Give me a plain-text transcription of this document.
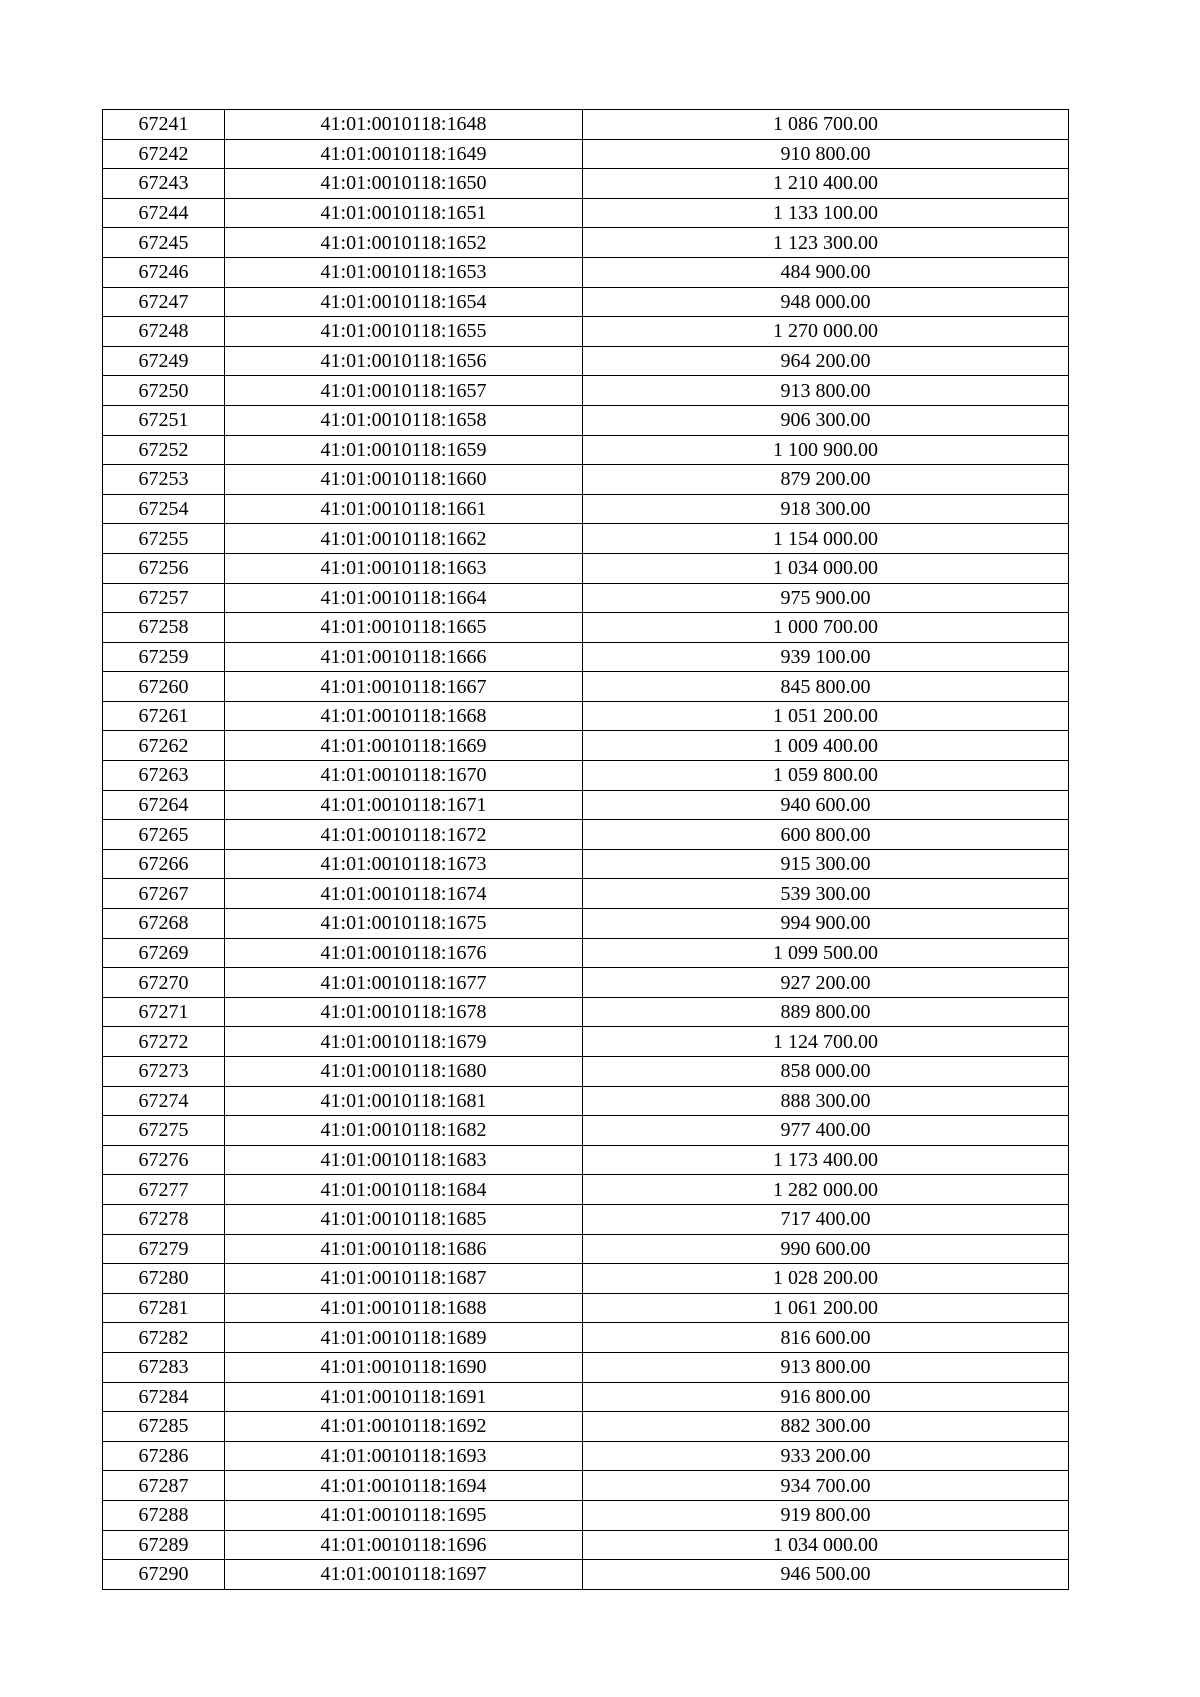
67241	41:01:0010118:1648	1 086 700.00
67242	41:01:0010118:1649	910 800.00
67243	41:01:0010118:1650	1 210 400.00
67244	41:01:0010118:1651	1 133 100.00
67245	41:01:0010118:1652	1 123 300.00
67246	41:01:0010118:1653	484 900.00
67247	41:01:0010118:1654	948 000.00
67248	41:01:0010118:1655	1 270 000.00
67249	41:01:0010118:1656	964 200.00
67250	41:01:0010118:1657	913 800.00
67251	41:01:0010118:1658	906 300.00
67252	41:01:0010118:1659	1 100 900.00
67253	41:01:0010118:1660	879 200.00
67254	41:01:0010118:1661	918 300.00
67255	41:01:0010118:1662	1 154 000.00
67256	41:01:0010118:1663	1 034 000.00
67257	41:01:0010118:1664	975 900.00
67258	41:01:0010118:1665	1 000 700.00
67259	41:01:0010118:1666	939 100.00
67260	41:01:0010118:1667	845 800.00
67261	41:01:0010118:1668	1 051 200.00
67262	41:01:0010118:1669	1 009 400.00
67263	41:01:0010118:1670	1 059 800.00
67264	41:01:0010118:1671	940 600.00
67265	41:01:0010118:1672	600 800.00
67266	41:01:0010118:1673	915 300.00
67267	41:01:0010118:1674	539 300.00
67268	41:01:0010118:1675	994 900.00
67269	41:01:0010118:1676	1 099 500.00
67270	41:01:0010118:1677	927 200.00
67271	41:01:0010118:1678	889 800.00
67272	41:01:0010118:1679	1 124 700.00
67273	41:01:0010118:1680	858 000.00
67274	41:01:0010118:1681	888 300.00
67275	41:01:0010118:1682	977 400.00
67276	41:01:0010118:1683	1 173 400.00
67277	41:01:0010118:1684	1 282 000.00
67278	41:01:0010118:1685	717 400.00
67279	41:01:0010118:1686	990 600.00
67280	41:01:0010118:1687	1 028 200.00
67281	41:01:0010118:1688	1 061 200.00
67282	41:01:0010118:1689	816 600.00
67283	41:01:0010118:1690	913 800.00
67284	41:01:0010118:1691	916 800.00
67285	41:01:0010118:1692	882 300.00
67286	41:01:0010118:1693	933 200.00
67287	41:01:0010118:1694	934 700.00
67288	41:01:0010118:1695	919 800.00
67289	41:01:0010118:1696	1 034 000.00
67290	41:01:0010118:1697	946 500.00
